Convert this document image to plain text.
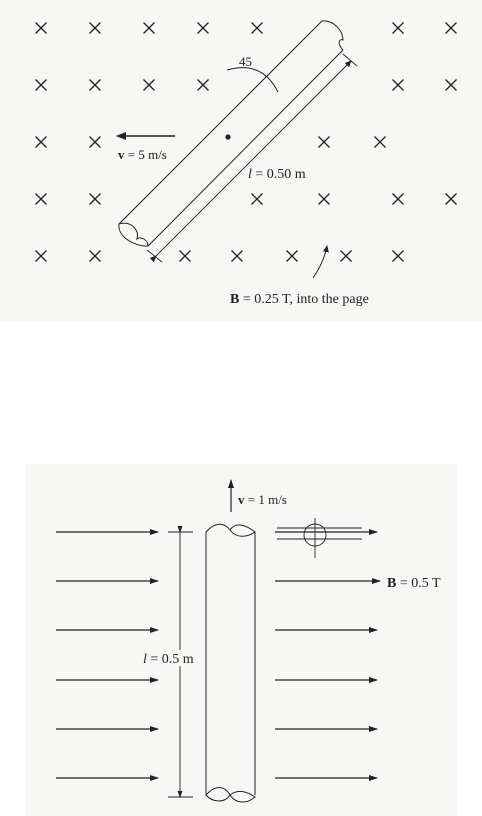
45
v = 5 m/s
l = 0.50 m
B = 0.25 T, into the page
v = 1 m/s
l = 0.5 m
B = 0.5 T
